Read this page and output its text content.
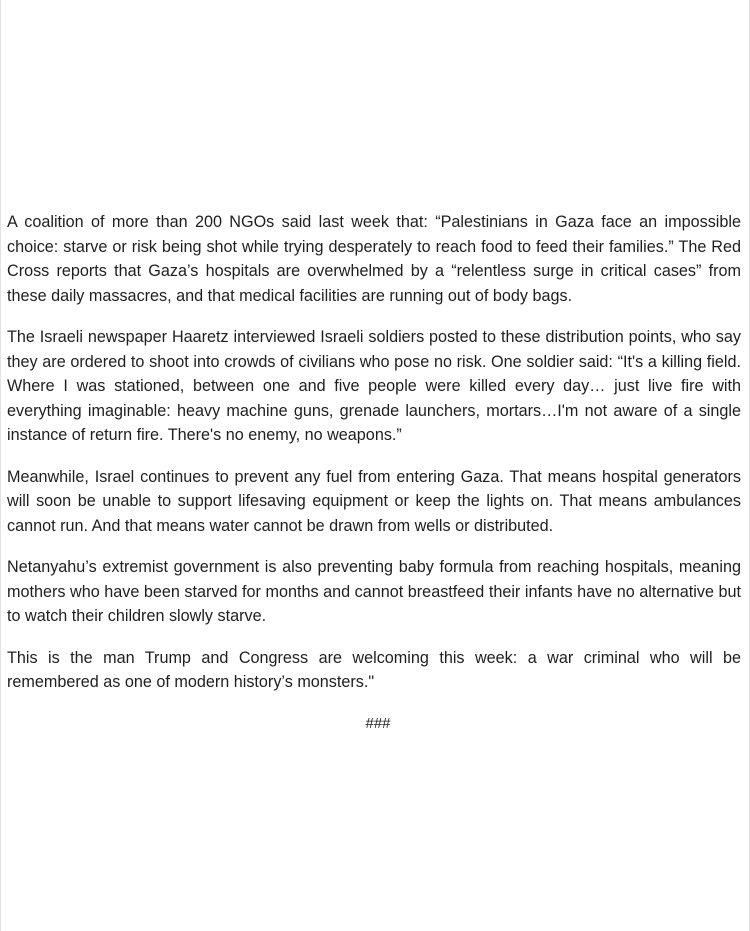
A coalition of more than 200 NGOs said last week that: “Palestinians in Gaza face an impossible choice: starve or risk being shot while trying desperately to reach food to feed their families.” The Red Cross reports that Gaza’s hospitals are overwhelmed by a “relentless surge in critical cases” from these daily massacres, and that medical facilities are running out of body bags.

The Israeli newspaper Haaretz interviewed Israeli soldiers posted to these distribution points, who say they are ordered to shoot into crowds of civilians who pose no risk. One soldier said: “It's a killing field. Where I was stationed, between one and five people were killed every day… just live fire with everything imaginable: heavy machine guns, grenade launchers, mortars…I'm not aware of a single instance of return fire. There's no enemy, no weapons.”

Meanwhile, Israel continues to prevent any fuel from entering Gaza. That means hospital generators will soon be unable to support lifesaving equipment or keep the lights on. That means ambulances cannot run. And that means water cannot be drawn from wells or distributed.

Netanyahu’s extremist government is also preventing baby formula from reaching hospitals, meaning mothers who have been starved for months and cannot breastfeed their infants have no alternative but to watch their children slowly starve.

This is the man Trump and Congress are welcoming this week: a war criminal who will be remembered as one of modern history’s monsters."

###
